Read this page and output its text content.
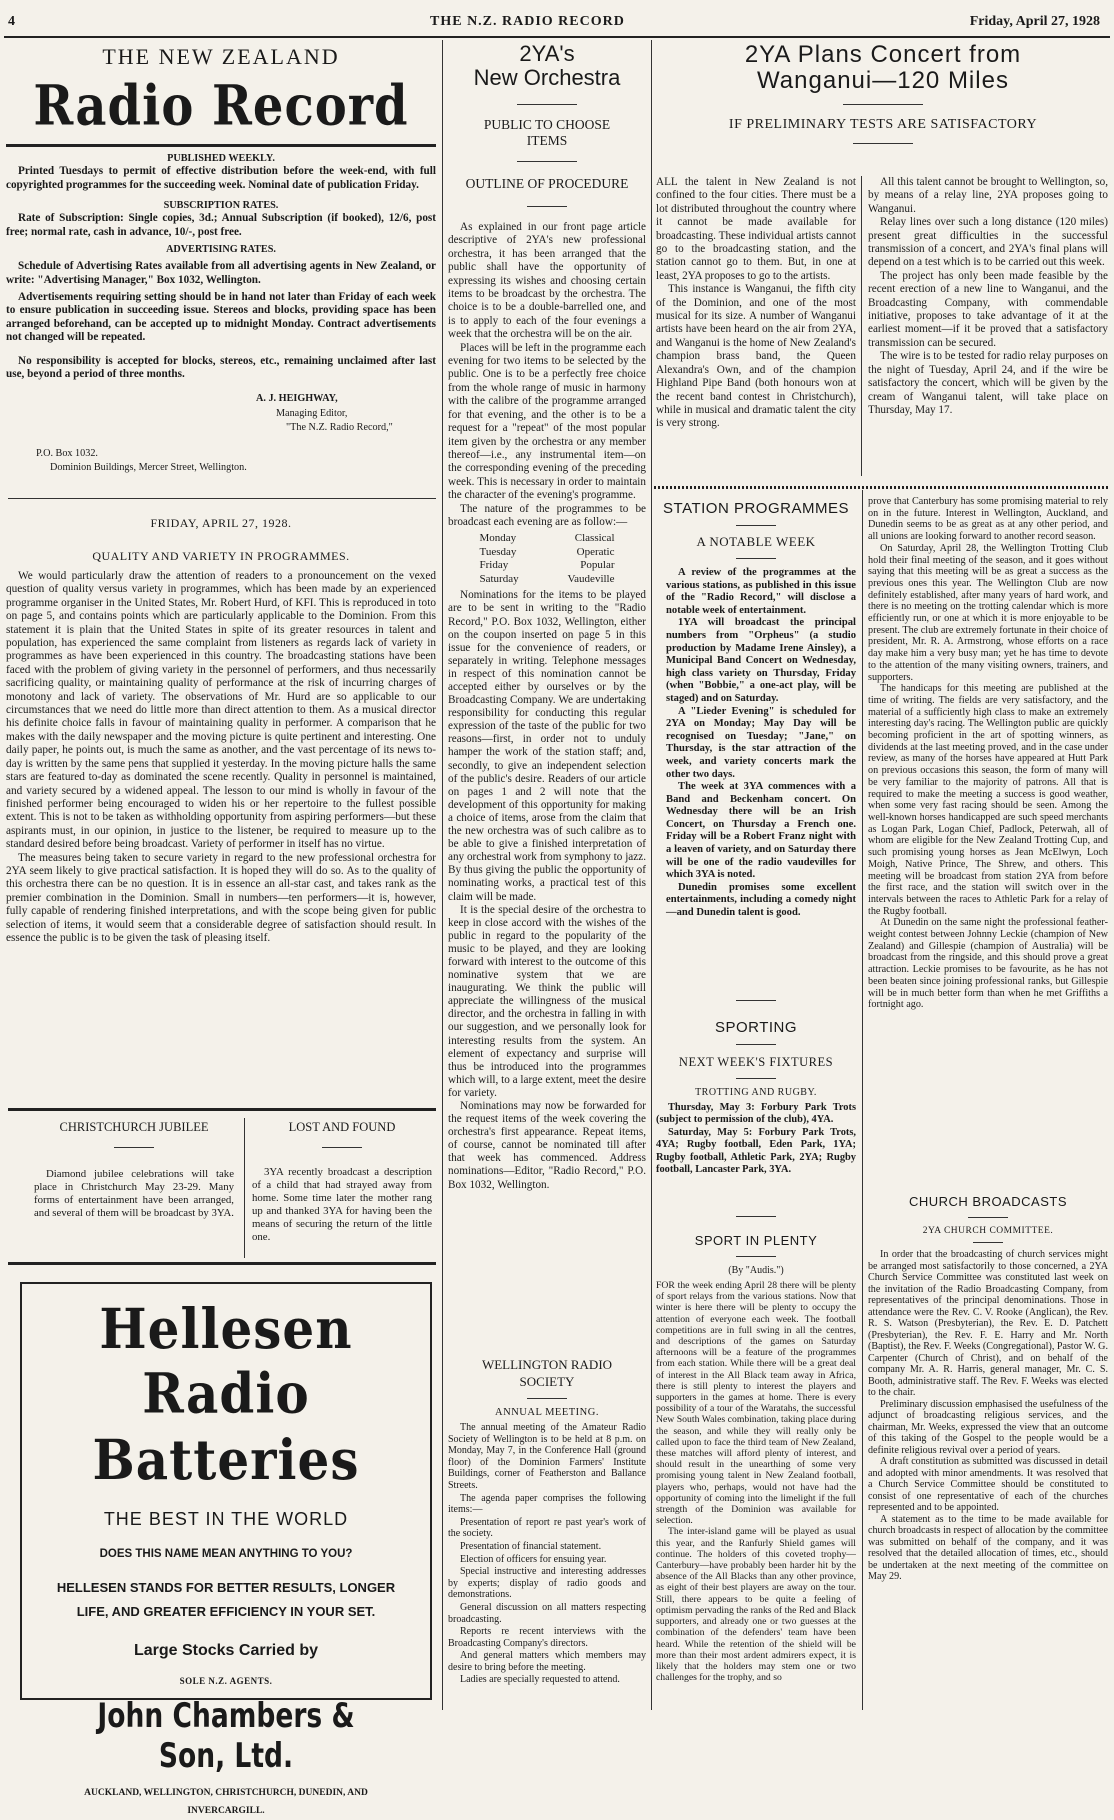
4	THE N.Z. RADIO RECORD	Friday, April 27, 1928
THE NEW ZEALAND
Radio Record
PUBLISHED WEEKLY.
Printed Tuesdays to permit of effective distribution before the week-end, with full copyrighted programmes for the succeeding week. Nominal date of publication Friday.
SUBSCRIPTION RATES.
Rate of Subscription: Single copies, 3d.; Annual Subscription (if booked), 12/6, post free; normal rate, cash in advance, 10/-, post free.
ADVERTISING RATES.
Schedule of Advertising Rates available from all advertising agents in New Zealand, or write: "Advertising Manager," Box 1032, Wellington.
Advertisements requiring setting should be in hand not later than Friday of each week to ensure publication in succeeding issue. Stereos and blocks, providing space has been arranged beforehand, can be accepted up to midnight Monday. Contract advertisements not changed will be repeated.
No responsibility is accepted for blocks, stereos, etc., remaining unclaimed after last use, beyond a period of three months.
A. J. HEIGHWAY,
Managing Editor,
"The N.Z. Radio Record,"
P.O. Box 1032.
Dominion Buildings, Mercer Street, Wellington.
FRIDAY, APRIL 27, 1928.
QUALITY AND VARIETY IN PROGRAMMES.

We would particularly draw the attention of readers to a pronouncement on the vexed question of quality versus variety in programmes, which has been made by an experienced programme organiser in the United States, Mr. Robert Hurd, of KFI. This is reproduced in toto on page 5, and contains points which are particularly applicable to the Dominion. From this statement it is plain that the United States in spite of its greater resources in talent and population, has experienced the same complaint from listeners as regards lack of variety in programmes as have been experienced in this country. The broadcasting stations have been faced with the problem of giving variety in the personnel of performers, and thus necessarily sacrificing quality, or maintaining quality of performance at the risk of incurring charges of monotony and lack of variety. The observations of Mr. Hurd are so applicable to our circumstances that we need do little more than direct attention to them. As a musical director his definite choice falls in favour of maintaining quality in performer. A comparison that he makes with the daily newspaper and the moving picture is quite pertinent and interesting. One daily paper, he points out, is much the same as another, and the vast percentage of its news to-day is written by the same pens that supplied it yesterday. In the moving picture halls the same stars are featured to-day as dominated the scene recently. Quality in personnel is maintained, and variety secured by a widened appeal. The lesson to our mind is wholly in favour of the finished performer being encouraged to widen his or her repertoire to the fullest possible extent. This is not to be taken as withholding opportunity from aspiring performers—but these aspirants must, in our opinion, in justice to the listener, be required to measure up to the standard desired before being broadcast. Variety of performer in itself has no virtue.

The measures being taken to secure variety in regard to the new professional orchestra for 2YA seem likely to give practical satisfaction. It is hoped they will do so. As to the quality of this orchestra there can be no question. It is in essence an all-star cast, and takes rank as the premier combination in the Dominion. Small in numbers—ten performers—it is, however, fully capable of rendering finished interpretations, and with the scope being given for public selection of items, it would seem that a considerable degree of satisfaction should result. In essence the public is to be given the task of pleasing itself.

CHRISTCHURCH JUBILEE

Diamond jubilee celebrations will take place in Christchurch May 23-29. Many forms of entertainment have been arranged, and several of them will be broadcast by 3YA.

LOST AND FOUND

3YA recently broadcast a description of a child that had strayed away from home. Some time later the mother rang up and thanked 3YA for having been the means of securing the return of the little one.

Hellesen Radio
Batteries
THE BEST IN THE WORLD
DOES THIS NAME MEAN ANYTHING TO YOU?
HELLESEN STANDS FOR BETTER RESULTS, LONGER LIFE, AND GREATER EFFICIENCY IN YOUR SET.
Large Stocks Carried by
SOLE N.Z. AGENTS.
John Chambers & Son, Ltd.
AUCKLAND, WELLINGTON, CHRISTCHURCH, DUNEDIN, AND INVERCARGILL.
2YA's
New Orchestra
PUBLIC TO CHOOSE ITEMS
OUTLINE OF PROCEDURE

As explained in our front page article descriptive of 2YA's new professional orchestra, it has been arranged that the public shall have the opportunity of expressing its wishes and choosing certain items to be broadcast by the orchestra. The choice is to be a double-barrelled one, and is to apply to each of the four evenings a week that the orchestra will be on the air.

Places will be left in the programme each evening for two items to be selected by the public. One is to be a perfectly free choice from the whole range of music in harmony with the calibre of the programme arranged for that evening, and the other is to be a request for a "repeat" of the most popular item given by the orchestra or any member thereof—i.e., any instrumental item—on the corresponding evening of the preceding week. This is necessary in order to maintain the character of the evening's programme.

The nature of the programmes to be broadcast each evening are as follow:—

Monday	Classical
Tuesday	Operatic
Friday	Popular
Saturday	Vaudeville

Nominations for the items to be played are to be sent in writing to the "Radio Record," P.O. Box 1032, Wellington, either on the coupon inserted on page 5 in this issue for the convenience of readers, or separately in writing. Telephone messages in respect of this nomination cannot be accepted either by ourselves or by the Broadcasting Company. We are undertaking responsibility for conducting this regular expression of the taste of the public for two reasons—first, in order not to unduly hamper the work of the station staff; and, secondly, to give an independent selection of the public's desire. Readers of our article on pages 1 and 2 will note that the development of this opportunity for making a choice of items, arose from the claim that the new orchestra was of such calibre as to be able to give a finished interpretation of any orchestral work from symphony to jazz. By thus giving the public the opportunity of nominating works, a practical test of this claim will be made.

It is the special desire of the orchestra to keep in close accord with the wishes of the public in regard to the popularity of the music to be played, and they are looking forward with interest to the outcome of this nominative system that we are inaugurating. We think the public will appreciate the willingness of the musical director, and the orchestra in falling in with our suggestion, and we personally look for interesting results from the system. An element of expectancy and surprise will thus be introduced into the programmes which will, to a large extent, meet the desire for variety.

Nominations may now be forwarded for the request items of the week covering the orchestra's first appearance. Repeat items, of course, cannot be nominated till after that week has commenced. Address nominations—Editor, "Radio Record," P.O. Box 1032, Wellington.

WELLINGTON RADIO SOCIETY
ANNUAL MEETING.

The annual meeting of the Amateur Radio Society of Wellington is to be held at 8 p.m. on Monday, May 7, in the Conference Hall (ground floor) of the Dominion Farmers' Institute Buildings, corner of Featherston and Ballance Streets.

The agenda paper comprises the following items:—

Presentation of report re past year's work of the society.

Presentation of financial statement.

Election of officers for ensuing year.

Special instructive and interesting addresses by experts; display of radio goods and demonstrations.

General discussion on all matters respecting broadcasting.

Reports re recent interviews with the Broadcasting Company's directors.

And general matters which members may desire to bring before the meeting.

Ladies are specially requested to attend.

2YA Plans Concert from
Wanganui—120 Miles
IF PRELIMINARY TESTS ARE SATISFACTORY

ALL the talent in New Zealand is not confined to the four cities. There must be a lot distributed throughout the country where it cannot be made available for broadcasting. These individual artists cannot go to the broadcasting station, and the station cannot go to them. But, in one at least, 2YA proposes to go to the artists.

This instance is Wanganui, the fifth city of the Dominion, and one of the most musical for its size. A number of Wanganui artists have been heard on the air from 2YA, and Wanganui is the home of New Zealand's champion brass band, the Queen Alexandra's Own, and of the champion Highland Pipe Band (both honours won at the recent band contest in Christchurch), while in musical and dramatic talent the city is very strong.

All this talent cannot be brought to Wellington, so, by means of a relay line, 2YA proposes going to Wanganui.

Relay lines over such a long distance (120 miles) present great difficulties in the successful transmission of a concert, and 2YA's final plans will depend on a test which is to be carried out this week.

The project has only been made feasible by the recent erection of a new line to Wanganui, and the Broadcasting Company, with commendable initiative, proposes to take advantage of it at the earliest moment—if it be proved that a satisfactory transmission can be secured.

The wire is to be tested for radio relay purposes on the night of Tuesday, April 24, and if the wire be satisfactory the concert, which will be given by the cream of Wanganui talent, will take place on Thursday, May 17.

STATION PROGRAMMES
A NOTABLE WEEK

A review of the programmes at the various stations, as published in this issue of the "Radio Record," will disclose a notable week of entertainment.

1YA will broadcast the principal numbers from "Orpheus" (a studio production by Madame Irene Ainsley), a Municipal Band Concert on Wednesday, high class variety on Thursday, Friday (when "Bobbie," a one-act play, will be staged) and on Saturday.

A "Lieder Evening" is scheduled for 2YA on Monday; May Day will be recognised on Tuesday; "Jane," on Thursday, is the star attraction of the week, and variety concerts mark the other two days.

The week at 3YA commences with a Band and Beckenham concert. On Wednesday there will be an Irish Concert, on Thursday a French one. Friday will be a Robert Franz night with a leaven of variety, and on Saturday there will be one of the radio vaudevilles for which 3YA is noted.

Dunedin promises some excellent entertainments, including a comedy night—and Dunedin talent is good.

SPORTING
NEXT WEEK'S FIXTURES
TROTTING AND RUGBY.

Thursday, May 3: Forbury Park Trots (subject to permission of the club), 4YA.

Saturday, May 5: Forbury Park Trots, 4YA; Rugby football, Eden Park, 1YA; Rugby football, Athletic Park, 2YA; Rugby football, Lancaster Park, 3YA.

SPORT IN PLENTY
(By "Audis.")

FOR the week ending April 28 there will be plenty of sport relays from the various stations. Now that winter is here there will be plenty to occupy the attention of everyone each week. The football competitions are in full swing in all the centres, and descriptions of the games on Saturday afternoons will be a feature of the programmes from each station. While there will be a great deal of interest in the All Black team away in Africa, there is still plenty to interest the players and supporters in the games at home. There is every possibility of a tour of the Waratahs, the successful New South Wales combination, taking place during the season, and while they will really only be called upon to face the third team of New Zealand, these matches will afford plenty of interest, and should result in the unearthing of some very promising young talent in New Zealand football, players who, perhaps, would not have had the opportunity of coming into the limelight if the full strength of the Dominion was available for selection.

The inter-island game will be played as usual this year, and the Ranfurly Shield games will continue. The holders of this coveted trophy—Canterbury—have probably been harder hit by the absence of the All Blacks than any other province, as eight of their best players are away on the tour. Still, there appears to be quite a feeling of optimism pervading the ranks of the Red and Black supporters, and already one or two guesses at the combination of the defenders' team have been heard. While the retention of the shield will be more than their most ardent admirers expect, it is likely that the holders may stem one or two challenges for the trophy, and so

prove that Canterbury has some promising material to rely on in the future. Interest in Wellington, Auckland, and Dunedin seems to be as great as at any other period, and all unions are looking forward to another record season.

On Saturday, April 28, the Wellington Trotting Club hold their final meeting of the season, and it goes without saying that this meeting will be as great a success as the previous ones this year. The Wellington Club are now definitely established, after many years of hard work, and there is no meeting on the trotting calendar which is more efficiently run, or one at which it is more enjoyable to be present. The club are extremely fortunate in their choice of president, Mr. R. A. Armstrong, whose efforts on a race day make him a very busy man; yet he has time to devote to the attention of the many visiting owners, trainers, and supporters.

The handicaps for this meeting are published at the time of writing. The fields are very satisfactory, and the material of a sufficiently high class to make an extremely interesting day's racing. The Wellington public are quickly becoming proficient in the art of spotting winners, as dividends at the last meeting proved, and in the case under review, as many of the horses have appeared at Hutt Park on previous occasions this season, the form of many will be very familiar to the majority of patrons. All that is required to make the meeting a success is good weather, when some very fast racing should be seen. Among the well-known horses handicapped are such speed merchants as Logan Park, Logan Chief, Padlock, Peterwah, all of whom are eligible for the New Zealand Trotting Cup, and such promising young horses as Jean McElwyn, Loch Moigh, Native Prince, The Shrew, and others. This meeting will be broadcast from station 2YA from before the first race, and the station will switch over in the intervals between the races to Athletic Park for a relay of the Rugby football.

At Dunedin on the same night the professional feather-weight contest between Johnny Leckie (champion of New Zealand) and Gillespie (champion of Australia) will be broadcast from the ringside, and this should prove a great attraction. Leckie promises to be favourite, as he has not been beaten since joining professional ranks, but Gillespie will be in much better form than when he met Griffiths a fortnight ago.

CHURCH BROADCASTS
2YA CHURCH COMMITTEE.

In order that the broadcasting of church services might be arranged most satisfactorily to those concerned, a 2YA Church Service Committee was constituted last week on the invitation of the Radio Broadcasting Company, from representatives of the principal denominations. Those in attendance were the Rev. C. V. Rooke (Anglican), the Rev. R. S. Watson (Presbyterian), the Rev. E. D. Patchett (Presbyterian), the Rev. F. E. Harry and Mr. North (Baptist), the Rev. F. Weeks (Congregational), Pastor W. G. Carpenter (Church of Christ), and on behalf of the company Mr. A. R. Harris, general manager, Mr. C. S. Booth, administrative staff. The Rev. F. Weeks was elected to the chair.

Preliminary discussion emphasised the usefulness of the adjunct of broadcasting religious services, and the chairman, Mr. Weeks, expressed the view that an outcome of this taking of the Gospel to the people would be a definite religious revival over a period of years.

A draft constitution as submitted was discussed in detail and adopted with minor amendments. It was resolved that a Church Service Committee should be constituted to consist of one representative of each of the churches represented and to be appointed.

A statement as to the time to be made available for church broadcasts in respect of allocation by the committee was submitted on behalf of the company, and it was resolved that the detailed allocation of times, etc., should be undertaken at the next meeting of the committee on May 29.
